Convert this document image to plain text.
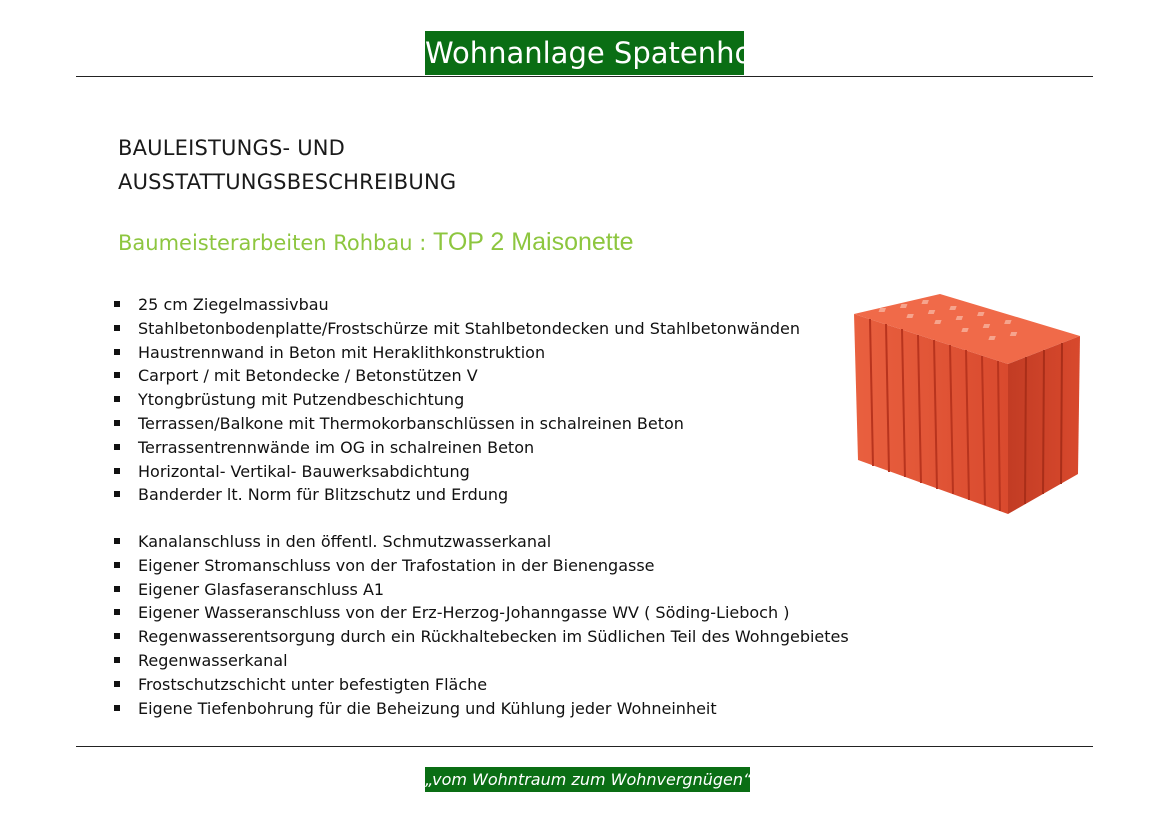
Wohnanlage Spatenhof
BAULEISTUNGS- UND
AUSSTATTUNGSBESCHREIBUNG
Baumeisterarbeiten Rohbau : TOP 2 Maisonette
25 cm Ziegelmassivbau
Stahlbetonbodenplatte/Frostschürze mit Stahlbetondecken und Stahlbetonwänden
Haustrennwand in Beton mit Heraklithkonstruktion
Carport / mit Betondecke / Betonstützen V
Ytongbrüstung mit Putzendbeschichtung
Terrassen/Balkone mit Thermokorbanschlüssen in schalreinen Beton
Terrassentrennwände im OG in schalreinen Beton
Horizontal- Vertikal- Bauwerksabdichtung
Banderder lt. Norm für Blitzschutz und Erdung
Kanalanschluss in den öffentl. Schmutzwasserkanal
Eigener Stromanschluss von der Trafostation in der Bienengasse
Eigener Glasfaseranschluss A1
Eigener Wasseranschluss von der Erz-Herzog-Johanngasse WV ( Söding-Lieboch )
Regenwasserentsorgung durch ein Rückhaltebecken im Südlichen Teil des Wohngebietes
Regenwasserkanal
Frostschutzschicht unter befestigten Fläche
Eigene Tiefenbohrung für die Beheizung und Kühlung jeder Wohneinheit
„vom Wohntraum zum Wohnvergnügen“
